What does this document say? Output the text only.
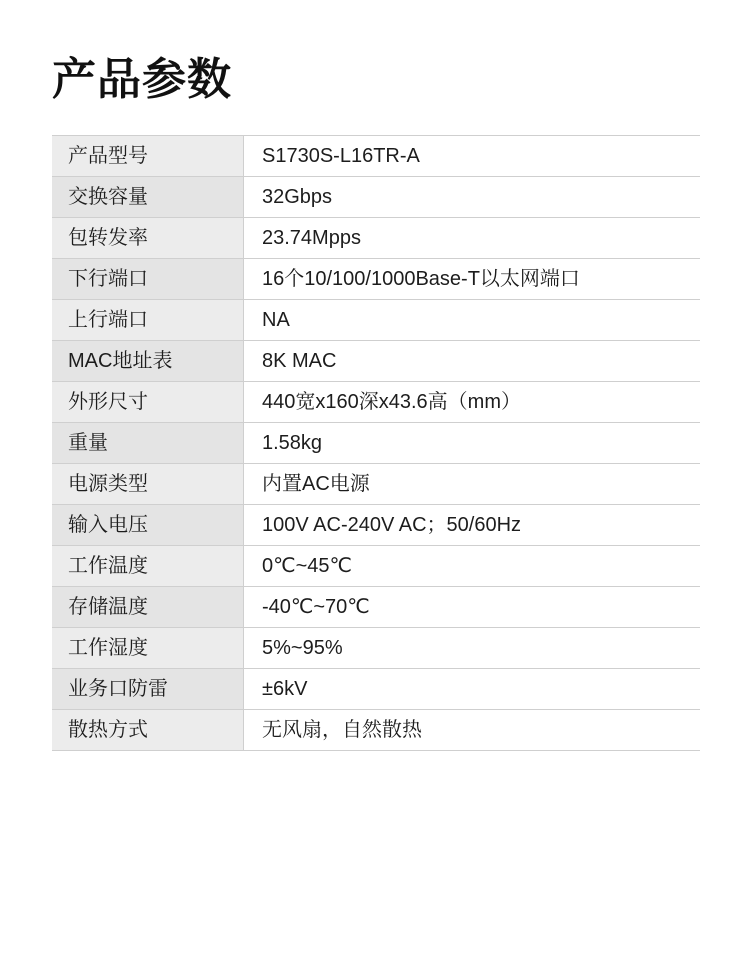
产品参数
产品型号	S1730S-L16TR-A
交换容量	32Gbps
包转发率	23.74Mpps
下行端口	16个10/100/1000Base-T以太网端口
上行端口	NA
MAC地址表	8K MAC
外形尺寸	440宽x160深x43.6高（mm）
重量	1.58kg
电源类型	内置AC电源
输入电压	100V AC-240V AC；50/60Hz
工作温度	0℃~45℃
存储温度	-40℃~70℃
工作湿度	5%~95%
业务口防雷	±6kV
散热方式	无风扇，自然散热
